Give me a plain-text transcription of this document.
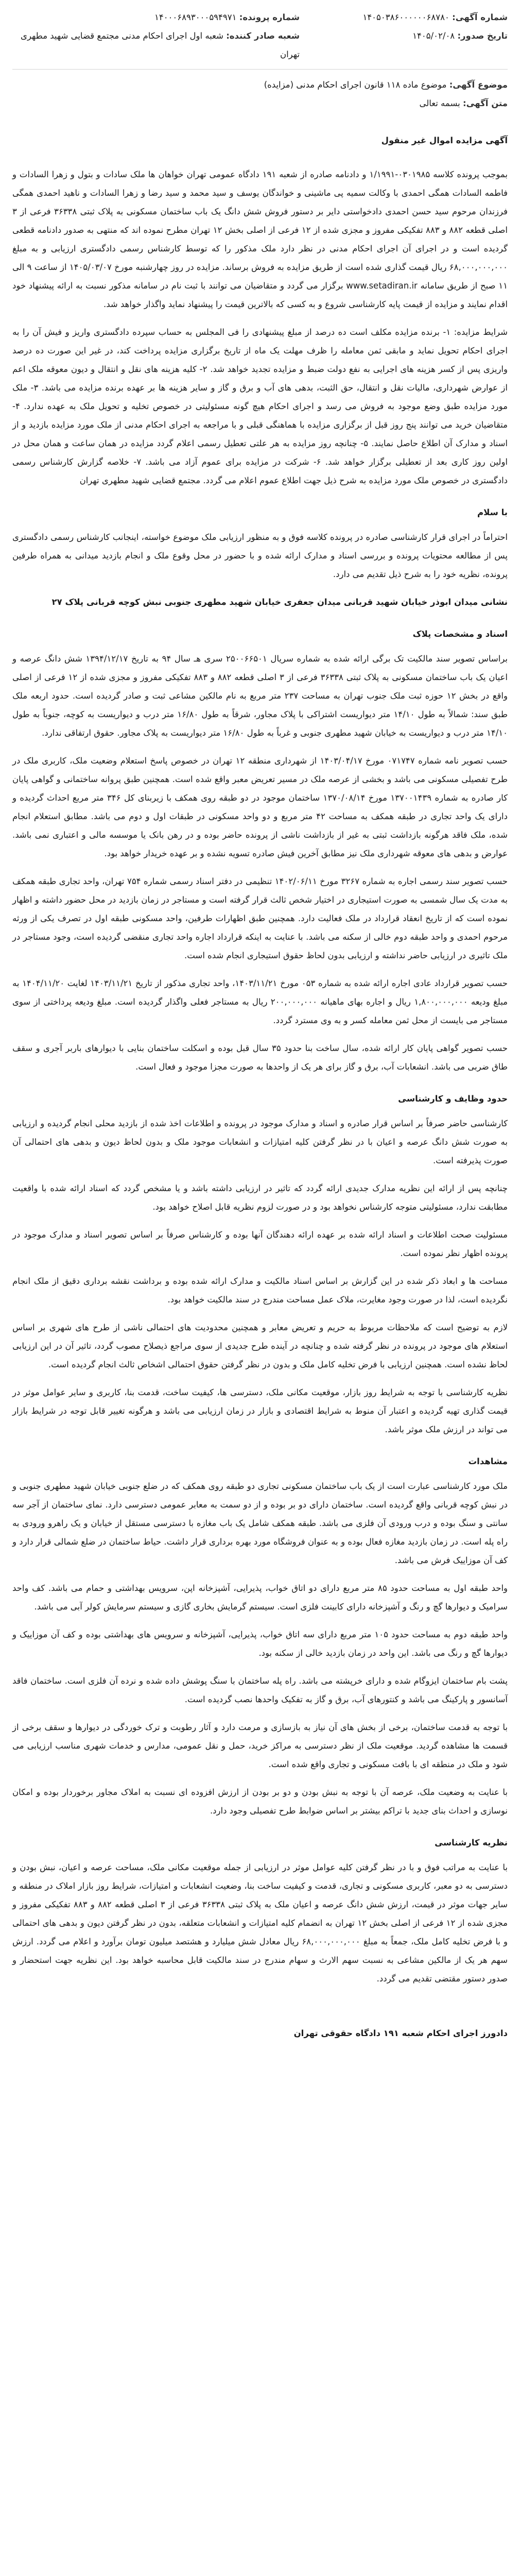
شماره آگهی: ۱۴۰۵۰۳۸۶۰۰۰۰۰۰۶۸۷۸۰

شماره پرونده: ۱۴۰۰۰۶۸۹۳۰۰۰۵۹۴۹۷۱

تاریخ صدور: ۱۴۰۵/۰۲/۰۸

شعبه صادر کننده: شعبه اول اجرای احکام مدنی مجتمع قضایی شهید مطهری تهران

موضوع آگهی: موضوع ماده ۱۱۸ قانون اجرای احکام مدنی (مزایده)

متن آگهی: بسمه تعالی

آگهی مزایده اموال غیر منقول

بموجب پرونده کلاسه ۰۳۰۱۹۸۵-۱/۱۹۹۱ و دادنامه صادره از شعبه ۱۹۱ دادگاه عمومی تهران خواهان ها ملک سادات و بتول و زهرا السادات و فاطمه السادات همگی احمدی با وکالت سمیه پی ماشینی و خواندگان یوسف و سید محمد و سید رضا و زهرا السادات و ناهید احمدی همگی فرزندان مرحوم سید حسن احمدی دادخواستی دایر بر دستور فروش شش دانگ یک باب ساختمان مسکونی به پلاک ثبتی ۳۶۳۳۸ فرعی از ۳ اصلی قطعه ۸۸۲ و ۸۸۳ تفکیکی مفروز و مجزی شده از ۱۲ فرعی از اصلی بخش ۱۲ تهران مطرح نموده اند که منتهی به صدور دادنامه قطعی گردیده است و در اجرای آن اجرای احکام مدنی در نظر دارد ملک مذکور را که توسط کارشناس رسمی دادگستری ارزیابی و به مبلغ ۶۸,۰۰۰,۰۰۰,۰۰۰ ریال قیمت گذاری شده است از طریق مزایده به فروش برساند. مزایده در روز چهارشنبه مورخ ۱۴۰۵/۰۳/۰۷ از ساعت ۹ الی ۱۱ صبح از طریق سامانه www.setadiran.ir برگزار می گردد و متقاضیان می توانند با ثبت نام در سامانه مذکور نسبت به ارائه پیشنهاد خود اقدام نمایند و مزایده از قیمت پایه کارشناسی شروع و به کسی که بالاترین قیمت را پیشنهاد نماید واگذار خواهد شد.

شرایط مزایده: ۱- برنده مزایده مکلف است ده درصد از مبلغ پیشنهادی را فی المجلس به حساب سپرده دادگستری واریز و فیش آن را به اجرای احکام تحویل نماید و مابقی ثمن معامله را ظرف مهلت یک ماه از تاریخ برگزاری مزایده پرداخت کند، در غیر این صورت ده درصد واریزی پس از کسر هزینه های اجرایی به نفع دولت ضبط و مزایده تجدید خواهد شد. ۲- کلیه هزینه های نقل و انتقال و دیون معوقه ملک اعم از عوارض شهرداری، مالیات نقل و انتقال، حق الثبت، بدهی های آب و برق و گاز و سایر هزینه ها بر عهده برنده مزایده می باشد. ۳- ملک مورد مزایده طبق وضع موجود به فروش می رسد و اجرای احکام هیچ گونه مسئولیتی در خصوص تخلیه و تحویل ملک به عهده ندارد. ۴- متقاضیان خرید می توانند پنج روز قبل از برگزاری مزایده با هماهنگی قبلی و با مراجعه به اجرای احکام مدنی از ملک مورد مزایده بازدید و از اسناد و مدارک آن اطلاع حاصل نمایند. ۵- چنانچه روز مزایده به هر علتی تعطیل رسمی اعلام گردد مزایده در همان ساعت و همان محل در اولین روز کاری بعد از تعطیلی برگزار خواهد شد. ۶- شرکت در مزایده برای عموم آزاد می باشد. ۷- خلاصه گزارش کارشناس رسمی دادگستری در خصوص ملک مورد مزایده به شرح ذیل جهت اطلاع عموم اعلام می گردد. مجتمع قضایی شهید مطهری تهران

با سلام

احتراماً در اجرای قرار کارشناسی صادره در پرونده کلاسه فوق و به منظور ارزیابی ملک موضوع خواسته، اینجانب کارشناس رسمی دادگستری پس از مطالعه محتویات پرونده و بررسی اسناد و مدارک ارائه شده و با حضور در محل وقوع ملک و انجام بازدید میدانی به همراه طرفین پرونده، نظریه خود را به شرح ذیل تقدیم می دارد.

نشانی میدان ابوذر خیابان شهید قربانی میدان جعفری خیابان شهید مطهری جنوبی نبش کوچه قربانی پلاک ۲۷

اسناد و مشخصات پلاک

براساس تصویر سند مالکیت تک برگی ارائه شده به شماره سریال ۲۵۰۰۶۶۵۰۱ سری هـ سال ۹۴ به تاریخ ۱۳۹۴/۱۲/۱۷ شش دانگ عرصه و اعیان یک باب ساختمان مسکونی به پلاک ثبتی ۳۶۳۳۸ فرعی از ۳ اصلی قطعه ۸۸۲ و ۸۸۳ تفکیکی مفروز و مجزی شده از ۱۲ فرعی از اصلی واقع در بخش ۱۲ حوزه ثبت ملک جنوب تهران به مساحت ۲۳۷ متر مربع به نام مالکین مشاعی ثبت و صادر گردیده است. حدود اربعه ملک طبق سند: شمالاً به طول ۱۴/۱۰ متر دیواریست اشتراکی با پلاک مجاور، شرقاً به طول ۱۶/۸۰ متر درب و دیواریست به کوچه، جنوباً به طول ۱۴/۱۰ متر درب و دیواریست به خیابان شهید مطهری جنوبی و غرباً به طول ۱۶/۸۰ متر دیواریست به پلاک مجاور. حقوق ارتفاقی ندارد.

حسب تصویر نامه شماره ۰۷۱۷۴۷ مورخ ۱۴۰۳/۰۴/۱۷ از شهرداری منطقه ۱۲ تهران در خصوص پاسخ استعلام وضعیت ملک، کاربری ملک در طرح تفصیلی مسکونی می باشد و بخشی از عرصه ملک در مسیر تعریض معبر واقع شده است. همچنین طبق پروانه ساختمانی و گواهی پایان کار صادره به شماره ۱۳۷۰۰۱۴۳۹ مورخ ۱۳۷۰/۰۸/۱۴ ساختمان موجود در دو طبقه روی همکف با زیربنای کل ۳۴۶ متر مربع احداث گردیده و دارای یک واحد تجاری در طبقه همکف به مساحت ۴۲ متر مربع و دو واحد مسکونی در طبقات اول و دوم می باشد. مطابق استعلام انجام شده، ملک فاقد هرگونه بازداشت ثبتی به غیر از بازداشت ناشی از پرونده حاضر بوده و در رهن بانک یا موسسه مالی و اعتباری نمی باشد. عوارض و بدهی های معوقه شهرداری ملک نیز مطابق آخرین فیش صادره تسویه نشده و بر عهده خریدار خواهد بود.

حسب تصویر سند رسمی اجاره به شماره ۳۲۶۷ مورخ ۱۴۰۲/۰۶/۱۱ تنظیمی در دفتر اسناد رسمی شماره ۷۵۴ تهران، واحد تجاری طبقه همکف به مدت یک سال شمسی به صورت استیجاری در اختیار شخص ثالث قرار گرفته است و مستاجر در زمان بازدید در محل حضور داشته و اظهار نموده است که از تاریخ انعقاد قرارداد در ملک فعالیت دارد. همچنین طبق اظهارات طرفین، واحد مسکونی طبقه اول در تصرف یکی از ورثه مرحوم احمدی و واحد طبقه دوم خالی از سکنه می باشد. با عنایت به اینکه قرارداد اجاره واحد تجاری منقضی گردیده است، وجود مستاجر در ملک تاثیری در ارزیابی حاضر نداشته و ارزیابی بدون لحاظ حقوق استیجاری انجام شده است.

حسب تصویر قرارداد عادی اجاره ارائه شده به شماره ۰۵۳ مورخ ۱۴۰۳/۱۱/۲۱، واحد تجاری مذکور از تاریخ ۱۴۰۳/۱۱/۲۱ لغایت ۱۴۰۴/۱۱/۲۰ به مبلغ ودیعه ۱,۸۰۰,۰۰۰,۰۰۰ ریال و اجاره بهای ماهیانه ۲۰۰,۰۰۰,۰۰۰ ریال به مستاجر فعلی واگذار گردیده است. مبلغ ودیعه پرداختی از سوی مستاجر می بایست از محل ثمن معامله کسر و به وی مسترد گردد.

حسب تصویر گواهی پایان کار ارائه شده، سال ساخت بنا حدود ۳۵ سال قبل بوده و اسکلت ساختمان بنایی با دیوارهای باربر آجری و سقف طاق ضربی می باشد. انشعابات آب، برق و گاز برای هر یک از واحدها به صورت مجزا موجود و فعال است.

حدود وظایف و کارشناسی

کارشناسی حاضر صرفاً بر اساس قرار صادره و اسناد و مدارک موجود در پرونده و اطلاعات اخذ شده از بازدید محلی انجام گردیده و ارزیابی به صورت شش دانگ عرصه و اعیان با در نظر گرفتن کلیه امتیازات و انشعابات موجود ملک و بدون لحاظ دیون و بدهی های احتمالی آن صورت پذیرفته است.

چنانچه پس از ارائه این نظریه مدارک جدیدی ارائه گردد که تاثیر در ارزیابی داشته باشد و یا مشخص گردد که اسناد ارائه شده با واقعیت مطابقت ندارد، مسئولیتی متوجه کارشناس نخواهد بود و در صورت لزوم نظریه قابل اصلاح خواهد بود.

مسئولیت صحت اطلاعات و اسناد ارائه شده بر عهده ارائه دهندگان آنها بوده و کارشناس صرفاً بر اساس تصویر اسناد و مدارک موجود در پرونده اظهار نظر نموده است.

مساحت ها و ابعاد ذکر شده در این گزارش بر اساس اسناد مالکیت و مدارک ارائه شده بوده و برداشت نقشه برداری دقیق از ملک انجام نگردیده است، لذا در صورت وجود مغایرت، ملاک عمل مساحت مندرج در سند مالکیت خواهد بود.

لازم به توضیح است که ملاحظات مربوط به حریم و تعریض معابر و همچنین محدودیت های احتمالی ناشی از طرح های شهری بر اساس استعلام های موجود در پرونده در نظر گرفته شده و چنانچه در آینده طرح جدیدی از سوی مراجع ذیصلاح مصوب گردد، تاثیر آن در این ارزیابی لحاظ نشده است. همچنین ارزیابی با فرض تخلیه کامل ملک و بدون در نظر گرفتن حقوق احتمالی اشخاص ثالث انجام گردیده است.

نظریه کارشناسی با توجه به شرایط روز بازار، موقعیت مکانی ملک، دسترسی ها، کیفیت ساخت، قدمت بنا، کاربری و سایر عوامل موثر در قیمت گذاری تهیه گردیده و اعتبار آن منوط به شرایط اقتصادی و بازار در زمان ارزیابی می باشد و هرگونه تغییر قابل توجه در شرایط بازار می تواند در ارزش ملک موثر باشد.

مشاهدات

ملک مورد کارشناسی عبارت است از یک باب ساختمان مسکونی تجاری دو طبقه روی همکف که در ضلع جنوبی خیابان شهید مطهری جنوبی و در نبش کوچه قربانی واقع گردیده است. ساختمان دارای دو بر بوده و از دو سمت به معابر عمومی دسترسی دارد. نمای ساختمان از آجر سه سانتی و سنگ بوده و درب ورودی آن فلزی می باشد. طبقه همکف شامل یک باب مغازه با دسترسی مستقل از خیابان و یک راهرو ورودی به راه پله است. در زمان بازدید مغازه فعال بوده و به عنوان فروشگاه مورد بهره برداری قرار داشت. حیاط ساختمان در ضلع شمالی قرار دارد و کف آن موزاییک فرش می باشد.

واحد طبقه اول به مساحت حدود ۸۵ متر مربع دارای دو اتاق خواب، پذیرایی، آشپزخانه اپن، سرویس بهداشتی و حمام می باشد. کف واحد سرامیک و دیوارها گچ و رنگ و آشپزخانه دارای کابینت فلزی است. سیستم گرمایش بخاری گازی و سیستم سرمایش کولر آبی می باشد.

واحد طبقه دوم به مساحت حدود ۱۰۵ متر مربع دارای سه اتاق خواب، پذیرایی، آشپزخانه و سرویس های بهداشتی بوده و کف آن موزاییک و دیوارها گچ و رنگ می باشد. این واحد در زمان بازدید خالی از سکنه بود.

پشت بام ساختمان ایزوگام شده و دارای خرپشته می باشد. راه پله ساختمان با سنگ پوشش داده شده و نرده آن فلزی است. ساختمان فاقد آسانسور و پارکینگ می باشد و کنتورهای آب، برق و گاز به تفکیک واحدها نصب گردیده است.

با توجه به قدمت ساختمان، برخی از بخش های آن نیاز به بازسازی و مرمت دارد و آثار رطوبت و ترک خوردگی در دیوارها و سقف برخی از قسمت ها مشاهده گردید. موقعیت ملک از نظر دسترسی به مراکز خرید، حمل و نقل عمومی، مدارس و خدمات شهری مناسب ارزیابی می شود و ملک در منطقه ای با بافت مسکونی و تجاری واقع شده است.

با عنایت به وضعیت ملک، عرصه آن با توجه به نبش بودن و دو بر بودن از ارزش افزوده ای نسبت به املاک مجاور برخوردار بوده و امکان نوسازی و احداث بنای جدید با تراکم بیشتر بر اساس ضوابط طرح تفصیلی وجود دارد.

نظریه کارشناسی

با عنایت به مراتب فوق و با در نظر گرفتن کلیه عوامل موثر در ارزیابی از جمله موقعیت مکانی ملک، مساحت عرصه و اعیان، نبش بودن و دسترسی به دو معبر، کاربری مسکونی و تجاری، قدمت و کیفیت ساخت بنا، وضعیت انشعابات و امتیازات، شرایط روز بازار املاک در منطقه و سایر جهات موثر در قیمت، ارزش شش دانگ عرصه و اعیان ملک به پلاک ثبتی ۳۶۳۳۸ فرعی از ۳ اصلی قطعه ۸۸۲ و ۸۸۳ تفکیکی مفروز و مجزی شده از ۱۲ فرعی از اصلی بخش ۱۲ تهران به انضمام کلیه امتیازات و انشعابات متعلقه، بدون در نظر گرفتن دیون و بدهی های احتمالی و با فرض تخلیه کامل ملک، جمعاً به مبلغ ۶۸,۰۰۰,۰۰۰,۰۰۰ ریال معادل شش میلیارد و هشتصد میلیون تومان برآورد و اعلام می گردد. ارزش سهم هر یک از مالکین مشاعی به نسبت سهم الارث و سهام مندرج در سند مالکیت قابل محاسبه خواهد بود. این نظریه جهت استحضار و صدور دستور مقتضی تقدیم می گردد.

دادورز اجرای احکام شعبه ۱۹۱ دادگاه حقوقی تهران
